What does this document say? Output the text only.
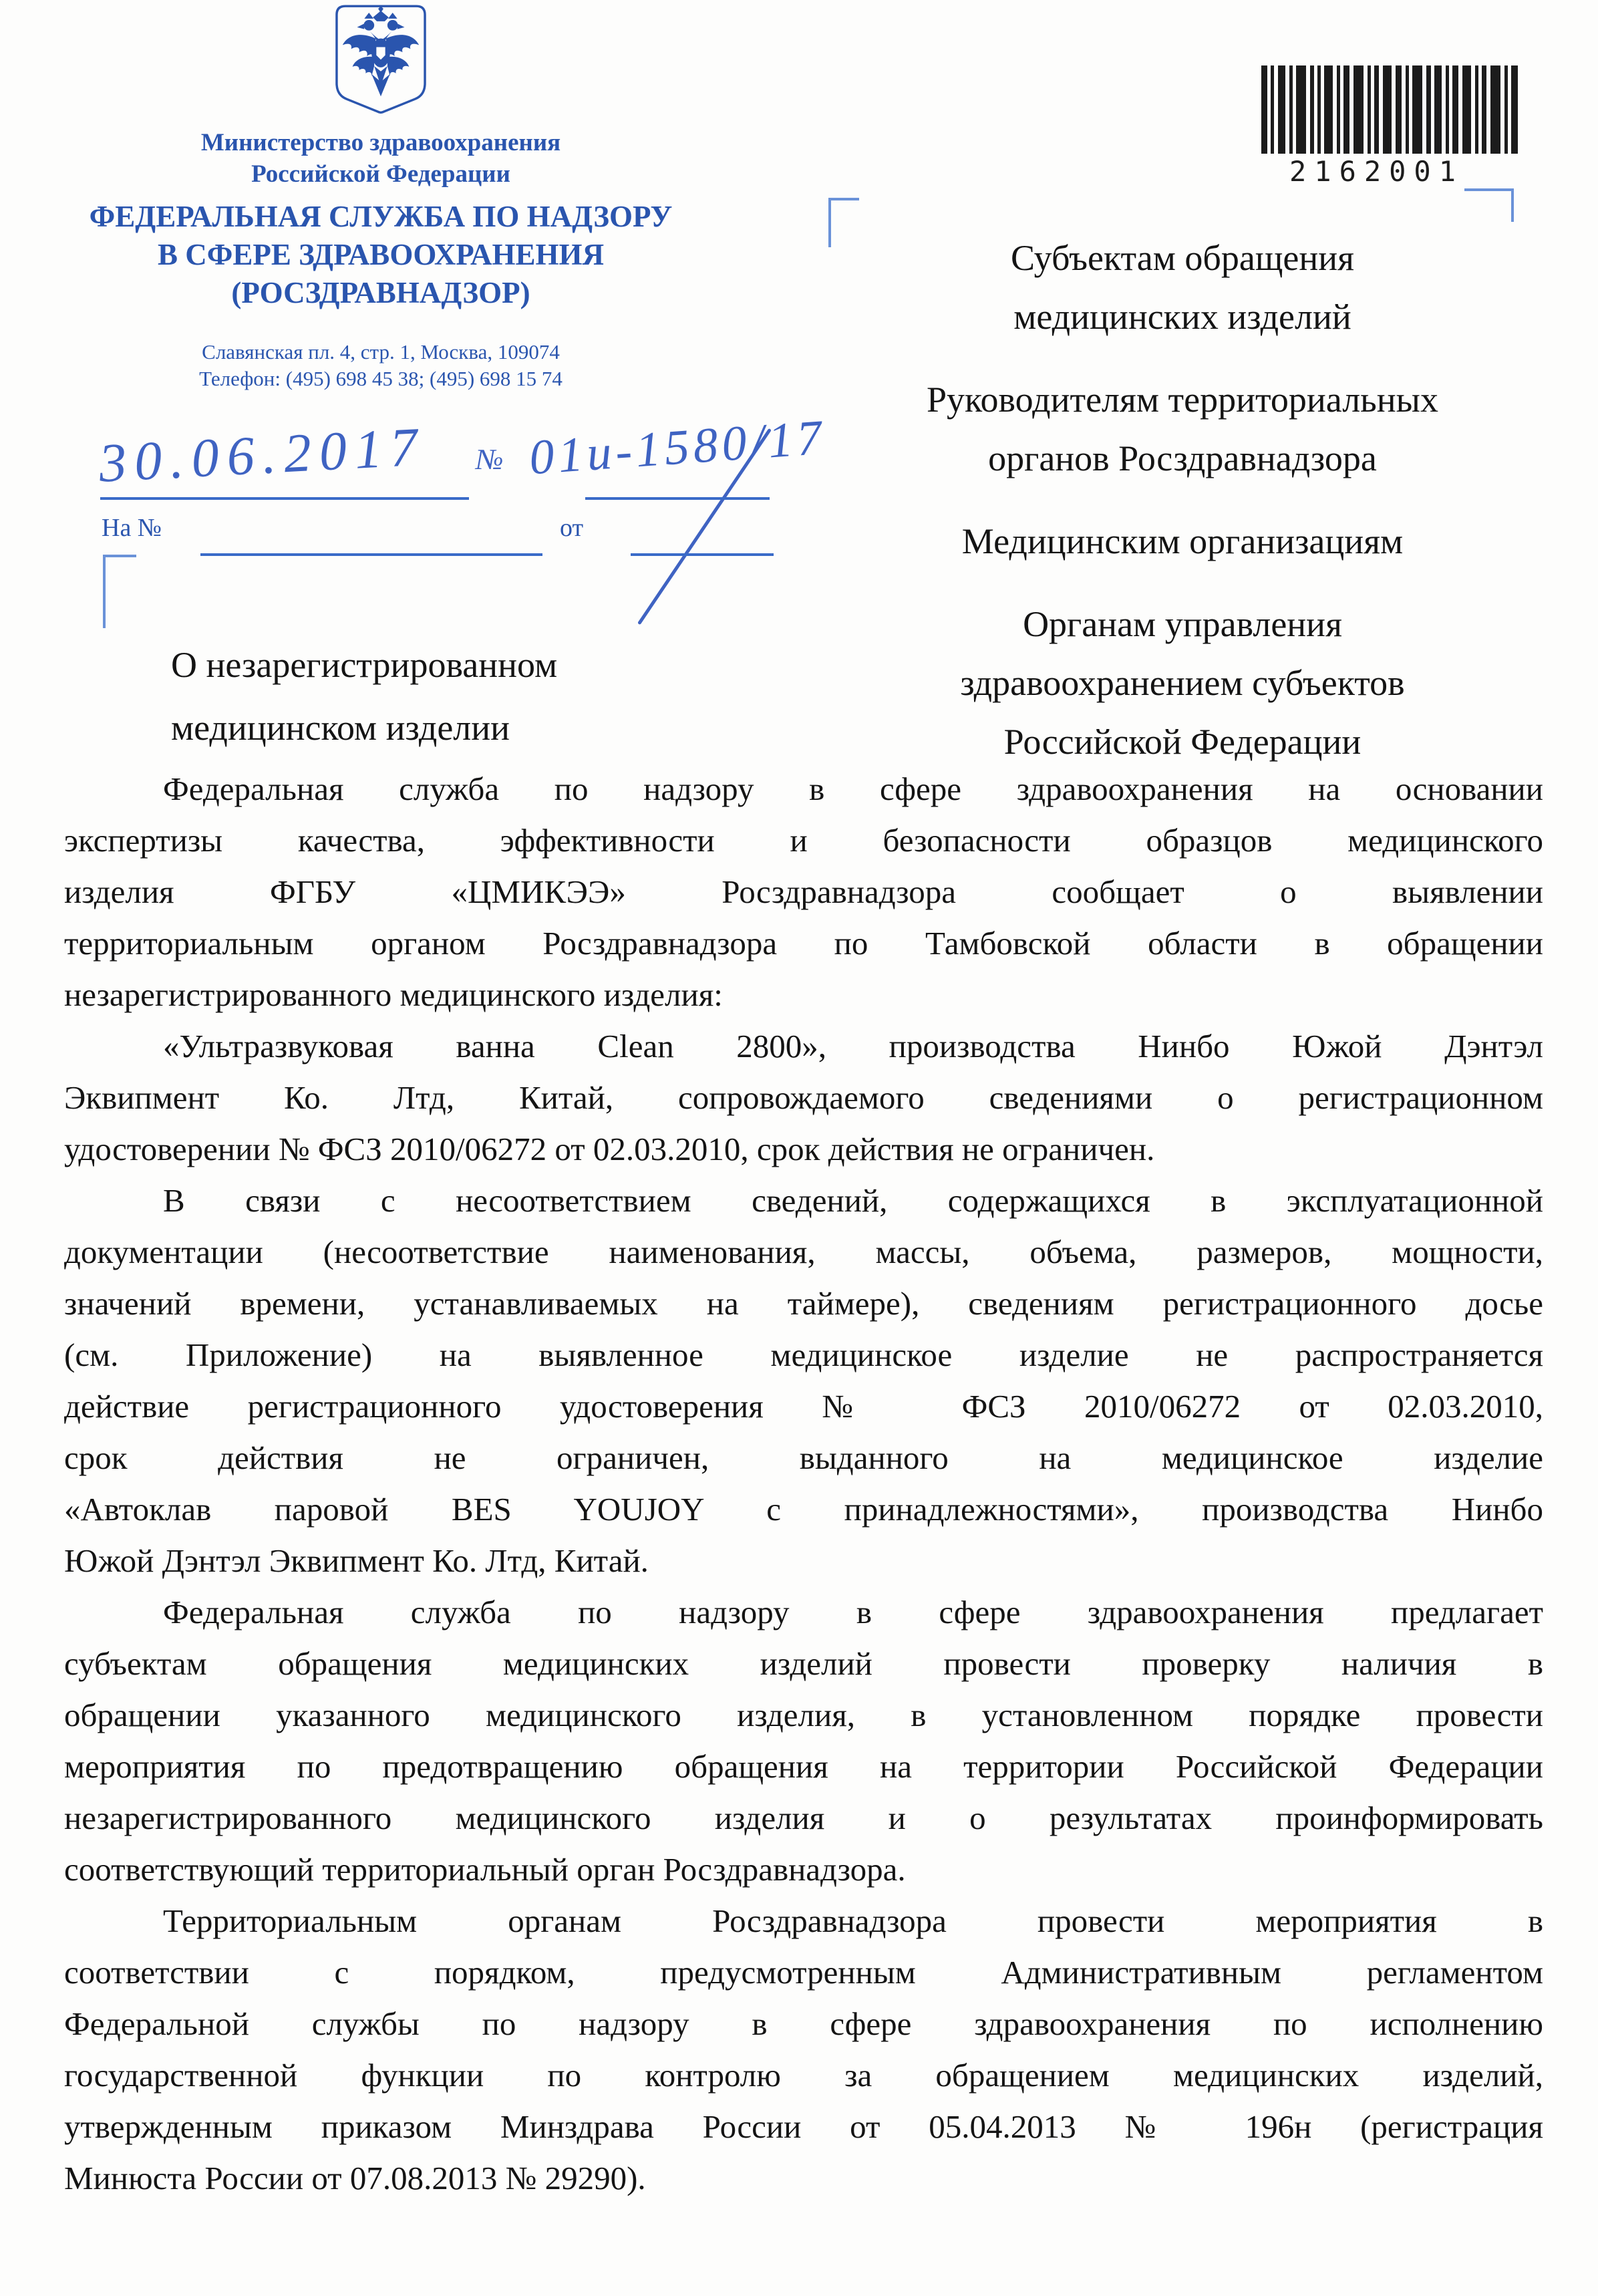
Министерство здравоохранения
Российской Федерации
ФЕДЕРАЛЬНАЯ СЛУЖБА ПО НАДЗОРУ
В СФЕРЕ ЗДРАВООХРАНЕНИЯ
(РОСЗДРАВНАДЗОР)
Славянская пл. 4, стр. 1, Москва, 109074
Телефон: (495) 698 45 38; (495) 698 15 74
2162001
30.06.2017 № 01и-1580/17
На №	от
Субъектам обращения
медицинских изделий
Руководителям территориальных
органов Росздравнадзора
Медицинским организациям
Органам управления
здравоохранением субъектов
Российской Федерации
О незарегистрированном
медицинском изделии
Федеральная служба по надзору в сфере здравоохранения на основании
экспертизы качества, эффективности и безопасности образцов медицинского
изделия ФГБУ «ЦМИКЭЭ» Росздравнадзора сообщает о выявлении
территориальным органом Росздравнадзора по Тамбовской области в обращении
незарегистрированного медицинского изделия:
«Ультразвуковая ванна Clean 2800», производства Нинбо Южой Дэнтэл
Эквипмент Ко. Лтд, Китай, сопровождаемого сведениями о регистрационном
удостоверении № ФСЗ 2010/06272 от 02.03.2010, срок действия не ограничен.
В связи с несоответствием сведений, содержащихся в эксплуатационной
документации (несоответствие наименования, массы, объема, размеров, мощности,
значений времени, устанавливаемых на таймере), сведениям регистрационного досье
(см. Приложение) на выявленное медицинское изделие не распространяется
действие регистрационного удостоверения № ФСЗ 2010/06272 от 02.03.2010,
срок действия не ограничен, выданного на медицинское изделие
«Автоклав паровой BES YOUJOY с принадлежностями», производства Нинбо
Южой Дэнтэл Эквипмент Ко. Лтд, Китай.
Федеральная служба по надзору в сфере здравоохранения предлагает
субъектам обращения медицинских изделий провести проверку наличия в
обращении указанного медицинского изделия, в установленном порядке провести
мероприятия по предотвращению обращения на территории Российской Федерации
незарегистрированного медицинского изделия и о результатах проинформировать
соответствующий территориальный орган Росздравнадзора.
Территориальным органам Росздравнадзора провести мероприятия в
соответствии с порядком, предусмотренным Административным регламентом
Федеральной службы по надзору в сфере здравоохранения по исполнению
государственной функции по контролю за обращением медицинских изделий,
утвержденным приказом Минздрава России от 05.04.2013 № 196н (регистрация
Минюста России от 07.08.2013 № 29290).
